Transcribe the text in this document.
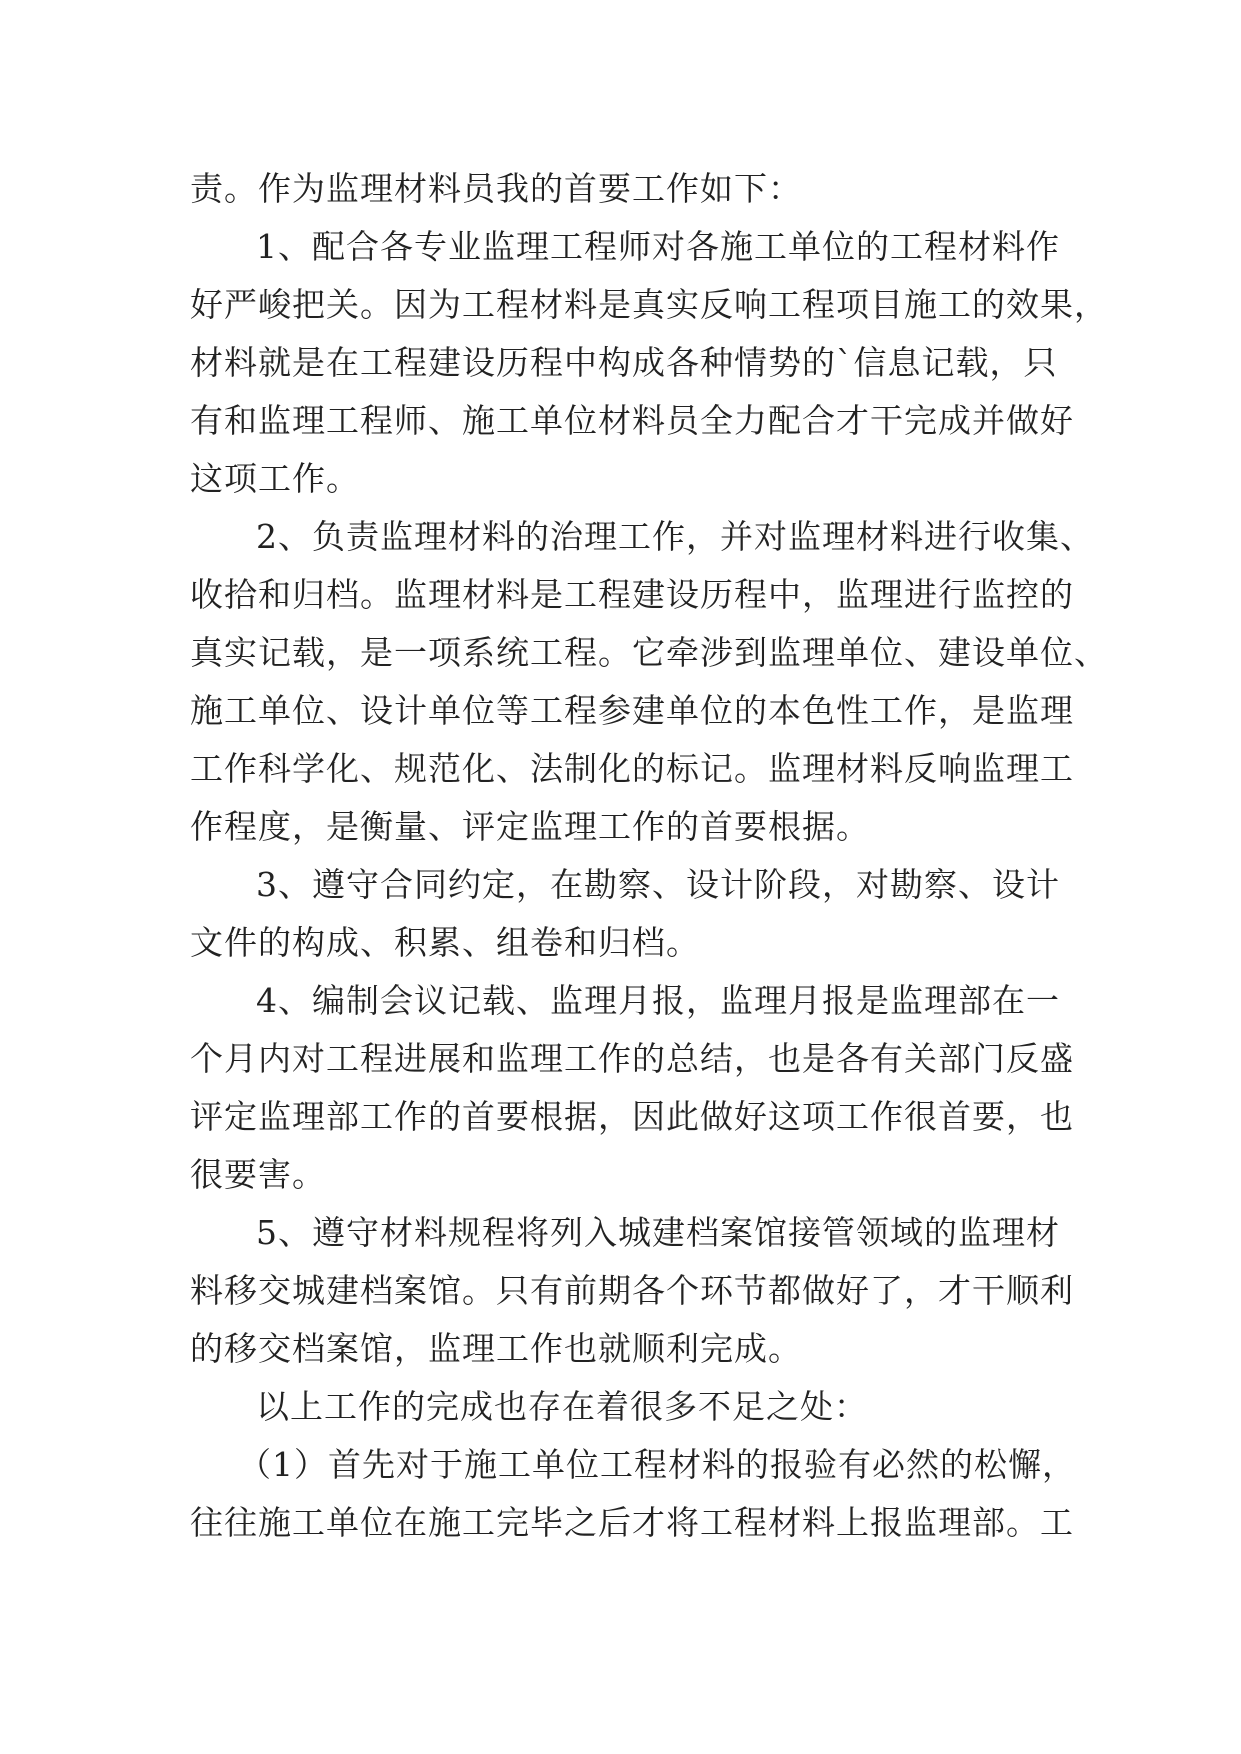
责。作为监理材料员我的首要工作如下：
1、配合各专业监理工程师对各施工单位的工程材料作
好严峻把关。因为工程材料是真实反响工程项目施工的效果，
材料就是在工程建设历程中构成各种情势的`信息记载，只
有和监理工程师、施工单位材料员全力配合才干完成并做好
这项工作。
2、负责监理材料的治理工作，并对监理材料进行收集、
收拾和归档。监理材料是工程建设历程中，监理进行监控的
真实记载，是一项系统工程。它牵涉到监理单位、建设单位、
施工单位、设计单位等工程参建单位的本色性工作，是监理
工作科学化、规范化、法制化的标记。监理材料反响监理工
作程度，是衡量、评定监理工作的首要根据。
3、遵守合同约定，在勘察、设计阶段，对勘察、设计
文件的构成、积累、组卷和归档。
4、编制会议记载、监理月报，监理月报是监理部在一
个月内对工程进展和监理工作的总结，也是各有关部门反盛
评定监理部工作的首要根据，因此做好这项工作很首要，也
很要害。
5、遵守材料规程将列入城建档案馆接管领域的监理材
料移交城建档案馆。只有前期各个环节都做好了，才干顺利
的移交档案馆，监理工作也就顺利完成。
以上工作的完成也存在着很多不足之处：
（1）首先对于施工单位工程材料的报验有必然的松懈，
往往施工单位在施工完毕之后才将工程材料上报监理部。工
